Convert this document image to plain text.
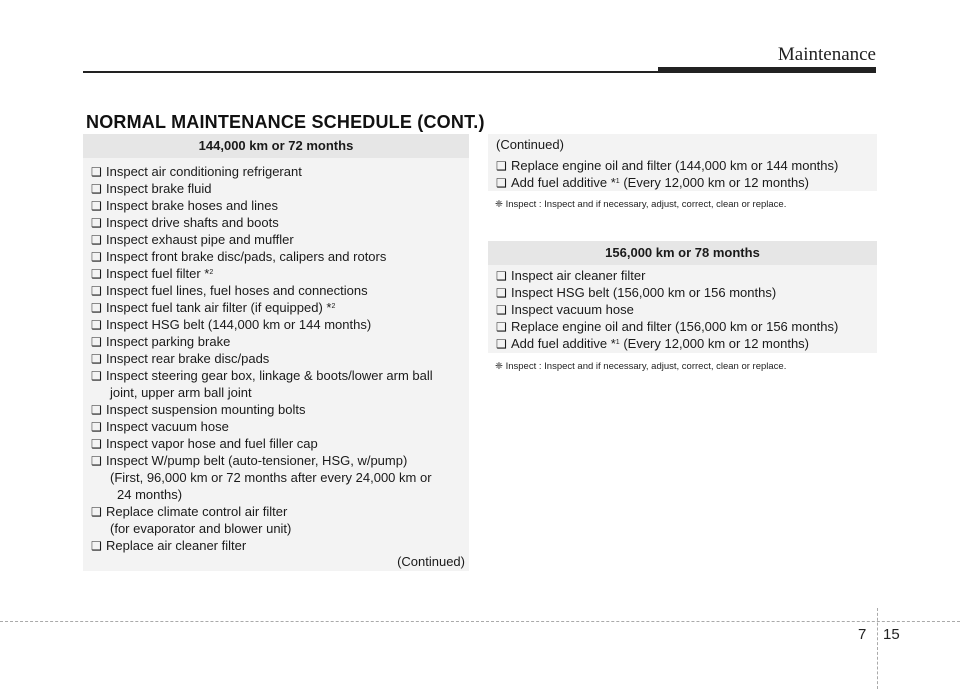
Maintenance
NORMAL MAINTENANCE SCHEDULE (CONT.)
144,000 km or 72 months
❑ Inspect air conditioning refrigerant
❑ Inspect brake fluid
❑ Inspect brake hoses and lines
❑ Inspect drive shafts and boots
❑ Inspect exhaust pipe and muffler
❑ Inspect front brake disc/pads, calipers and rotors
❑ Inspect fuel filter *$^2$
❑ Inspect fuel lines, fuel hoses and connections
❑ Inspect fuel tank air filter (if equipped) *$^2$
❑ Inspect HSG belt (144,000 km or 144 months)
❑ Inspect parking brake
❑ Inspect rear brake disc/pads
❑ Inspect steering gear box, linkage & boots/lower arm ball
joint, upper arm ball joint
❑ Inspect suspension mounting bolts
❑ Inspect vacuum hose
❑ Inspect vapor hose and fuel filler cap
❑ Inspect W/pump belt (auto-tensioner, HSG, w/pump)
(First, 96,000 km or 72 months after every 24,000 km or
24 months)
❑ Replace climate control air filter
(for evaporator and blower unit)
❑ Replace air cleaner filter
(Continued)
(Continued)
❑ Replace engine oil and filter (144,000 km or 144 months)
❑ Add fuel additive *$^1$ (Every 12,000 km or 12 months)
❈ Inspect : Inspect and if necessary, adjust, correct, clean or replace.
156,000 km or 78 months
❑ Inspect air cleaner filter
❑ Inspect HSG belt (156,000 km or 156 months)
❑ Inspect vacuum hose
❑ Replace engine oil and filter (156,000 km or 156 months)
❑ Add fuel additive *$^1$ (Every 12,000 km or 12 months)
❈ Inspect : Inspect and if necessary, adjust, correct, clean or replace.
7 15
